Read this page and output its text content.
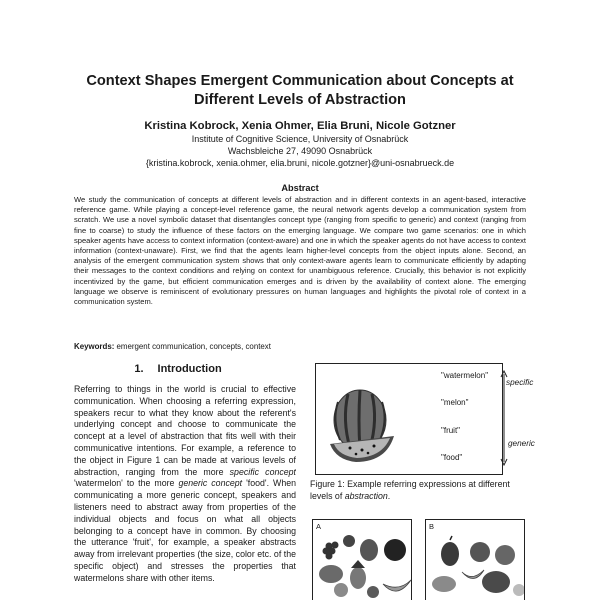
Context Shapes Emergent Communication about Concepts at
Different Levels of Abstraction
Kristina Kobrock, Xenia Ohmer, Elia Bruni, Nicole Gotzner
Institute of Cognitive Science, University of Osnabrück
Wachsbleiche 27, 49090 Osnabrück
{kristina.kobrock, xenia.ohmer, elia.bruni, nicole.gotzner}@uni-osnabrueck.de
Abstract

We study the communication of concepts at different levels of abstraction and in different contexts in an agent-based, interactive reference game. While playing a concept-level reference game, the neural network agents develop a communication system from scratch. We use a novel symbolic dataset that disentangles concept type (ranging from specific to generic) and context (ranging from fine to coarse) to study the influence of these factors on the emerging language. We compare two game scenarios: one in which speaker agents have access to context information (context-aware) and one in which the speaker agents do not have access to context information (context-unaware). First, we find that the agents learn higher-level concepts from the object inputs alone. Second, an analysis of the emergent communication system shows that only context-aware agents learn to communicate efficiently by adapting their messages to the context conditions and relying on context for unambiguous reference. Crucially, this behavior is not explicitly incentivized by the game, but efficient communication emerges and is driven by the availability of context alone. The emerging language we observe is reminiscent of evolutionary pressures on human languages and highlights the pivotal role of context in a communication system.

Keywords: emergent communication, concepts, context
1. Introduction

Referring to things in the world is crucial to effective communication. When choosing a referring expression, speakers recur to what they know about the referent's underlying concept and choose to communicate the concept at a level of abstraction that fits well with their communicative intentions. For example, a reference to the object in Figure 1 can be made at various levels of abstraction, ranging from the more specific concept 'watermelon' to the more generic concept 'food'. When communicating a more generic concept, speakers and listeners need to abstract away from properties of the individual objects and focus on what all objects belonging to a concept have in common. By choosing the utterance 'fruit', for example, a speaker abstracts away from irrelevant properties (the size, color etc. of the specific object) and stresses the properties that watermelons share with other items.

"watermelon"
"melon"
"fruit"
"food"
specific
generic

Figure 1: Example referring expressions at different levels of abstraction.

A	B
